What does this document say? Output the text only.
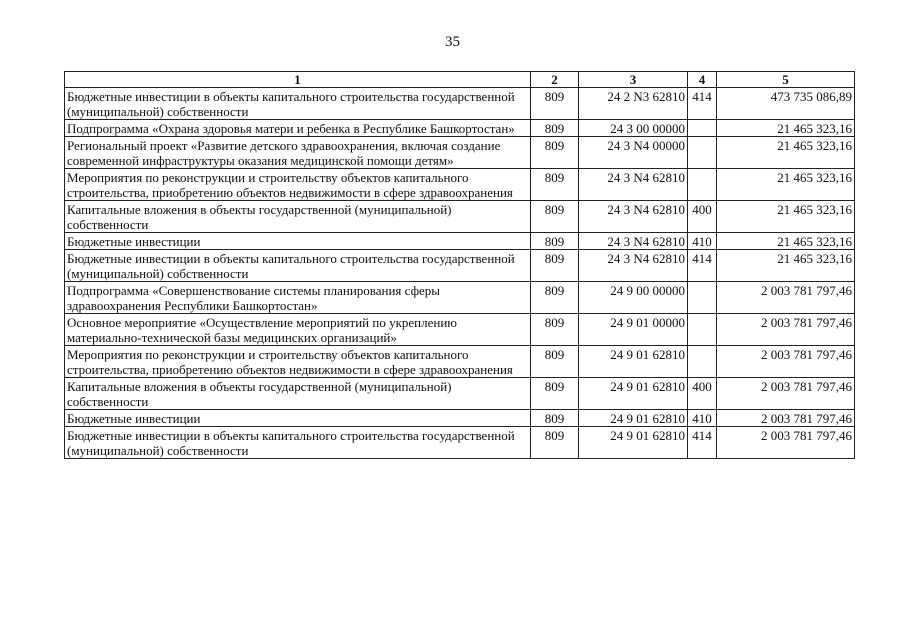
35
1	2	3	4	5
Бюджетные инвестиции в объекты капитального строительства государственной (муниципальной) собственности	809	24 2 N3 62810	414	473 735 086,89
Подпрограмма «Охрана здоровья матери и ребенка в Республике Башкортостан»	809	24 3 00 00000		21 465 323,16
Региональный проект «Развитие детского здравоохранения, включая создание современной инфраструктуры оказания медицинской помощи детям»	809	24 3 N4 00000		21 465 323,16
Мероприятия по реконструкции и строительству объектов капитального строительства, приобретению объектов недвижимости в сфере здравоохранения	809	24 3 N4 62810		21 465 323,16
Капитальные вложения в объекты государственной (муниципальной) собственности	809	24 3 N4 62810	400	21 465 323,16
Бюджетные инвестиции	809	24 3 N4 62810	410	21 465 323,16
Бюджетные инвестиции в объекты капитального строительства государственной (муниципальной) собственности	809	24 3 N4 62810	414	21 465 323,16
Подпрограмма «Совершенствование системы планирования сферы здравоохранения Республики Башкортостан»	809	24 9 00 00000		2 003 781 797,46
Основное мероприятие «Осуществление мероприятий по укреплению материально-технической базы медицинских организаций»	809	24 9 01 00000		2 003 781 797,46
Мероприятия по реконструкции и строительству объектов капитального строительства, приобретению объектов недвижимости в сфере здравоохранения	809	24 9 01 62810		2 003 781 797,46
Капитальные вложения в объекты государственной (муниципальной) собственности	809	24 9 01 62810	400	2 003 781 797,46
Бюджетные инвестиции	809	24 9 01 62810	410	2 003 781 797,46
Бюджетные инвестиции в объекты капитального строительства государственной (муниципальной) собственности	809	24 9 01 62810	414	2 003 781 797,46
